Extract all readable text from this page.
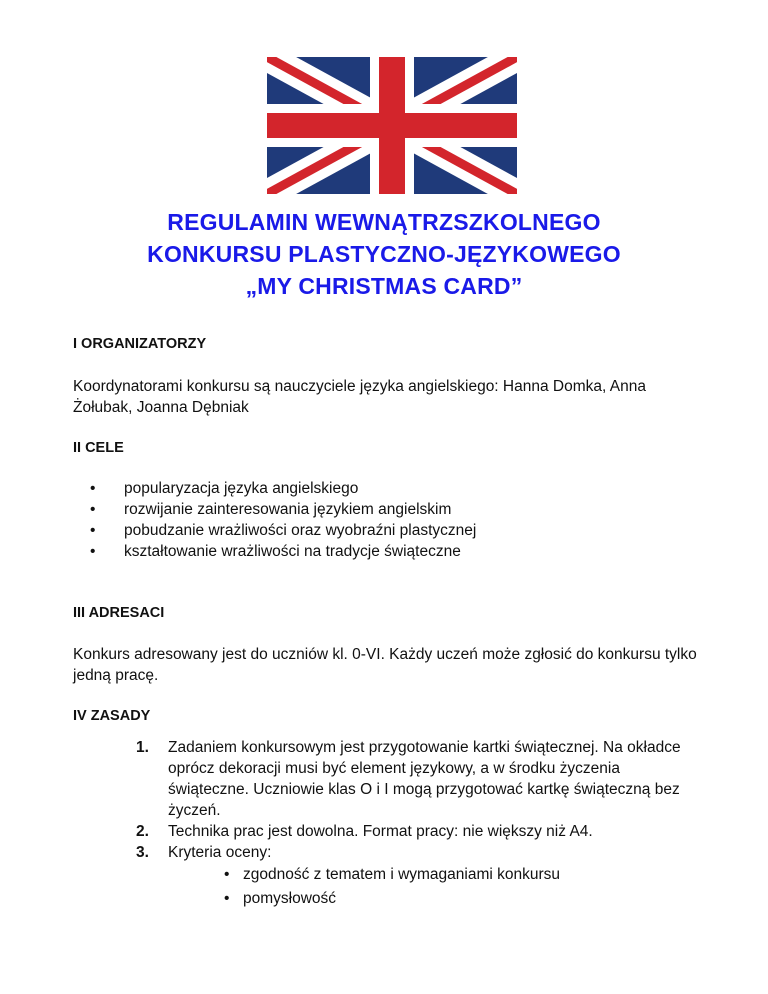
REGULAMIN WEWNĄTRZSZKOLNEGO
KONKURSU PLASTYCZNO-JĘZYKOWEGO
„MY CHRISTMAS CARD”
I ORGANIZATORZY
Koordynatorami konkursu są nauczyciele języka angielskiego: Hanna Domka, Anna Żołubak, Joanna Dębniak
II CELE
• popularyzacja języka angielskiego
• rozwijanie zainteresowania językiem angielskim
• pobudzanie wrażliwości oraz wyobraźni plastycznej
• kształtowanie wrażliwości na tradycje świąteczne
III ADRESACI
Konkurs adresowany jest do uczniów kl. 0-VI. Każdy uczeń może zgłosić do konkursu tylko jedną pracę.
IV ZASADY
1. Zadaniem konkursowym jest przygotowanie kartki świątecznej. Na okładce oprócz dekoracji musi być element językowy, a w środku życzenia świąteczne. Uczniowie klas O i I mogą przygotować kartkę świąteczną bez życzeń.
2. Technika prac jest dowolna. Format pracy: nie większy niż A4.
3. Kryteria oceny:
• zgodność z tematem i wymaganiami konkursu
• pomysłowość
